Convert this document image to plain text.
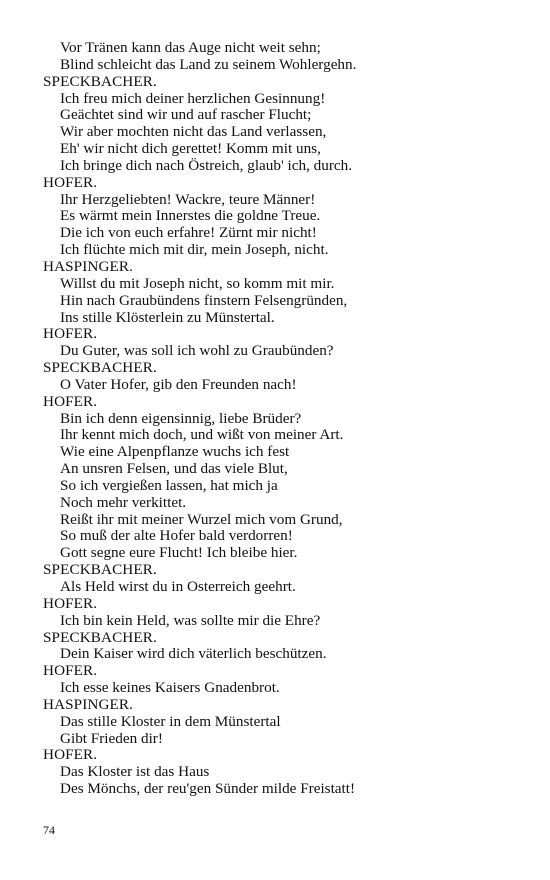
Vor Tränen kann das Auge nicht weit sehn;
Blind schleicht das Land zu seinem Wohlergehn.
SPECKBACHER.
Ich freu mich deiner herzlichen Gesinnung!
Geächtet sind wir und auf rascher Flucht;
Wir aber mochten nicht das Land verlassen,
Eh' wir nicht dich gerettet! Komm mit uns,
Ich bringe dich nach Östreich, glaub' ich, durch.
HOFER.
Ihr Herzgeliebten! Wackre, teure Männer!
Es wärmt mein Innerstes die goldne Treue.
Die ich von euch erfahre! Zürnt mir nicht!
Ich flüchte mich mit dir, mein Joseph, nicht.
HASPINGER.
Willst du mit Joseph nicht, so komm mit mir.
Hin nach Graubündens finstern Felsengründen,
Ins stille Klösterlein zu Münstertal.
HOFER.
Du Guter, was soll ich wohl zu Graubünden?
SPECKBACHER.
O Vater Hofer, gib den Freunden nach!
HOFER.
Bin ich denn eigensinnig, liebe Brüder?
Ihr kennt mich doch, und wißt von meiner Art.
Wie eine Alpenpflanze wuchs ich fest
An unsren Felsen, und das viele Blut,
So ich vergießen lassen, hat mich ja
Noch mehr verkittet.
Reißt ihr mit meiner Wurzel mich vom Grund,
So muß der alte Hofer bald verdorren!
Gott segne eure Flucht! Ich bleibe hier.
SPECKBACHER.
Als Held wirst du in Osterreich geehrt.
HOFER.
Ich bin kein Held, was sollte mir die Ehre?
SPECKBACHER.
Dein Kaiser wird dich väterlich beschützen.
HOFER.
Ich esse keines Kaisers Gnadenbrot.
HASPINGER.
Das stille Kloster in dem Münstertal
Gibt Frieden dir!
HOFER.
Das Kloster ist das Haus
Des Mönchs, der reu'gen Sünder milde Freistatt!
74
